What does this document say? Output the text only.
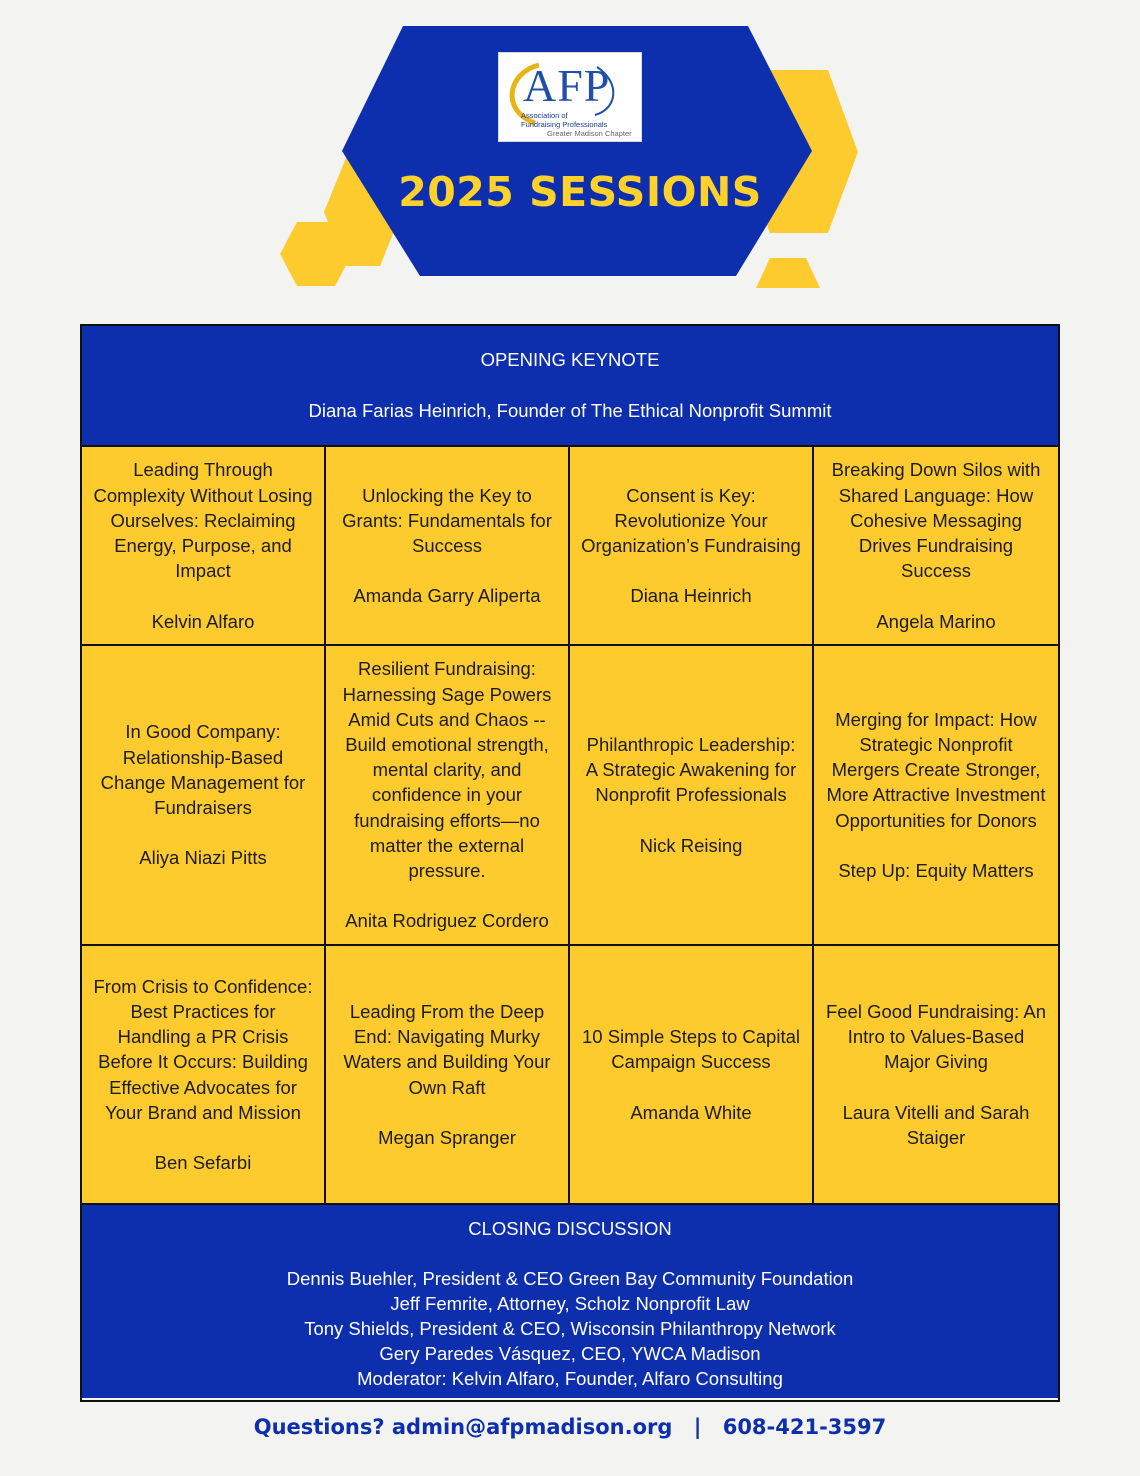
AFP
Association of
Fundraising Professionals
Greater Madison Chapter
2025 SESSIONS
OPENING KEYNOTE
Diana Farias Heinrich, Founder of The Ethical Nonprofit Summit
Leading Through Complexity Without Losing Ourselves: Reclaiming Energy, Purpose, and Impact
Kelvin Alfaro
Unlocking the Key to Grants: Fundamentals for Success
Amanda Garry Aliperta
Consent is Key: Revolutionize Your Organization’s Fundraising
Diana Heinrich
Breaking Down Silos with Shared Language: How Cohesive Messaging Drives Fundraising Success
Angela Marino
In Good Company: Relationship-Based Change Management for Fundraisers
Aliya Niazi Pitts
Resilient Fundraising: Harnessing Sage Powers Amid Cuts and Chaos -- Build emotional strength, mental clarity, and confidence in your fundraising efforts—no matter the external pressure.
Anita Rodriguez Cordero
Philanthropic Leadership: A Strategic Awakening for Nonprofit Professionals
Nick Reising
Merging for Impact: How Strategic Nonprofit Mergers Create Stronger, More Attractive Investment Opportunities for Donors
Step Up: Equity Matters
From Crisis to Confidence: Best Practices for Handling a PR Crisis Before It Occurs: Building Effective Advocates for Your Brand and Mission
Ben Sefarbi
Leading From the Deep End: Navigating Murky Waters and Building Your Own Raft
Megan Spranger
10 Simple Steps to Capital Campaign Success
Amanda White
Feel Good Fundraising: An Intro to Values-Based Major Giving
Laura Vitelli and Sarah Staiger
CLOSING DISCUSSION
Dennis Buehler, President & CEO Green Bay Community Foundation
Jeff Femrite, Attorney, Scholz Nonprofit Law
Tony Shields, President & CEO, Wisconsin Philanthropy Network
Gery Paredes Vásquez, CEO, YWCA Madison
Moderator: Kelvin Alfaro, Founder, Alfaro Consulting
Questions? admin@afpmadison.org | 608-421-3597
